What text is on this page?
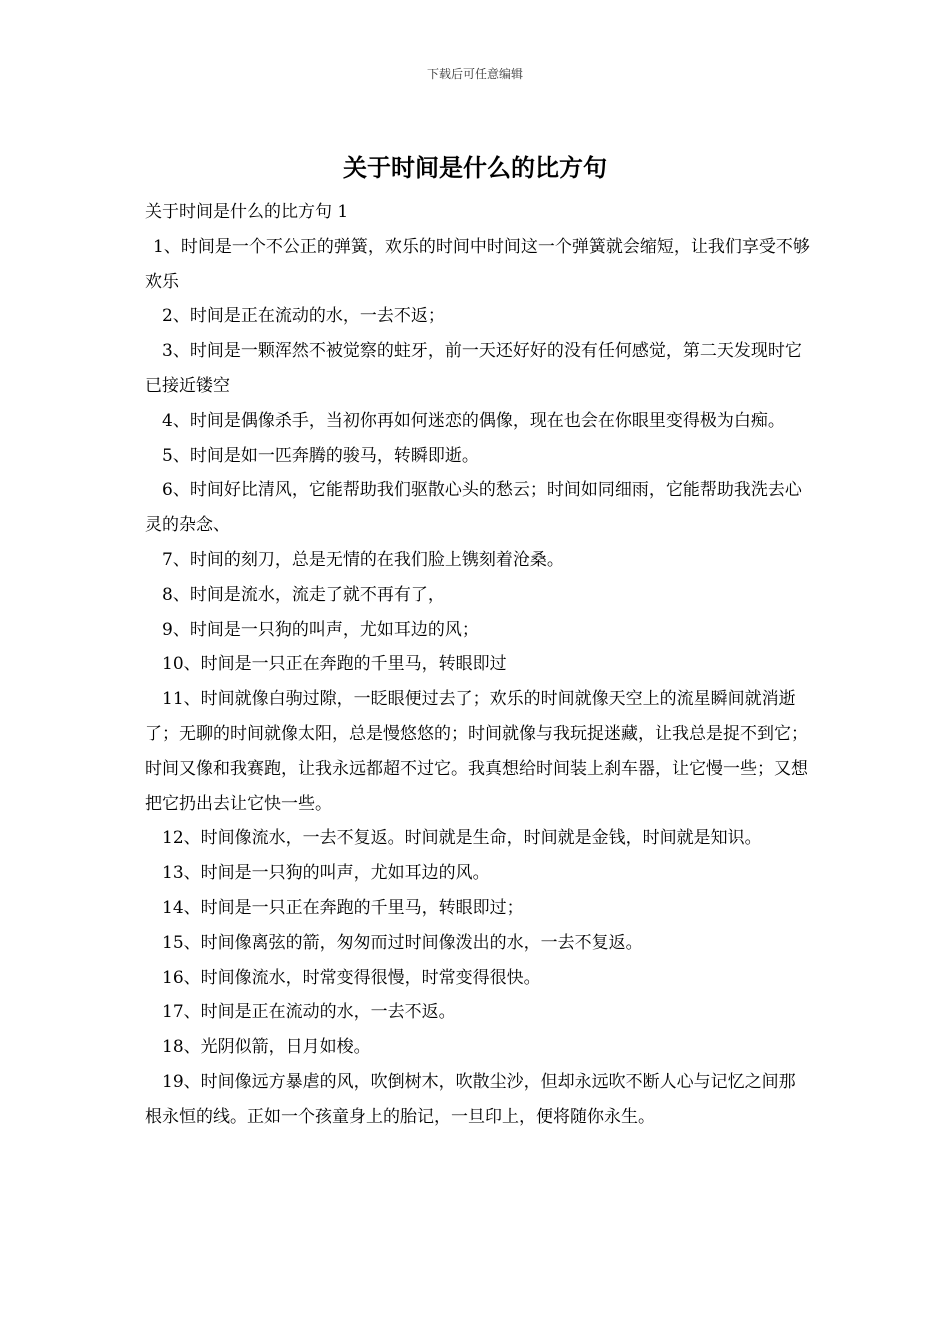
下载后可任意编辑
关于时间是什么的比方句

关于时间是什么的比方句 1

1、时间是一个不公正的弹簧，欢乐的时间中时间这一个弹簧就会缩短，让我们享受不够欢乐

2、时间是正在流动的水，一去不返；

3、时间是一颗浑然不被觉察的蛀牙，前一天还好好的没有任何感觉，第二天发现时它已接近镂空

4、时间是偶像杀手，当初你再如何迷恋的偶像，现在也会在你眼里变得极为白痴。

5、时间是如一匹奔腾的骏马，转瞬即逝。

6、时间好比清风，它能帮助我们驱散心头的愁云；时间如同细雨，它能帮助我洗去心灵的杂念、

7、时间的刻刀，总是无情的在我们脸上镌刻着沧桑。

8、时间是流水，流走了就不再有了，

9、时间是一只狗的叫声，尤如耳边的风；

10、时间是一只正在奔跑的千里马，转眼即过

11、时间就像白驹过隙，一眨眼便过去了；欢乐的时间就像天空上的流星瞬间就消逝了；无聊的时间就像太阳，总是慢悠悠的；时间就像与我玩捉迷藏，让我总是捉不到它；时间又像和我赛跑，让我永远都超不过它。我真想给时间装上刹车器，让它慢一些；又想把它扔出去让它快一些。

12、时间像流水，一去不复返。时间就是生命，时间就是金钱，时间就是知识。

13、时间是一只狗的叫声，尤如耳边的风。

14、时间是一只正在奔跑的千里马，转眼即过；

15、时间像离弦的箭，匆匆而过时间像泼出的水，一去不复返。

16、时间像流水，时常变得很慢，时常变得很快。

17、时间是正在流动的水，一去不返。

18、光阴似箭，日月如梭。

19、时间像远方暴虐的风，吹倒树木，吹散尘沙，但却永远吹不断人心与记忆之间那根永恒的线。正如一个孩童身上的胎记，一旦印上，便将随你永生。
